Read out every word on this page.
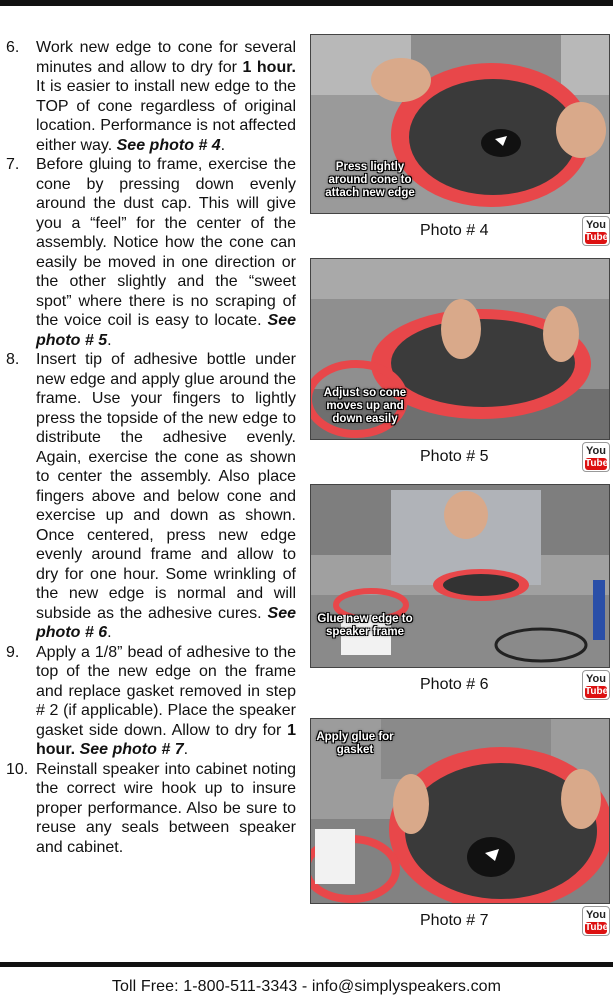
6. Work new edge to cone for several minutes and allow to dry for 1 hour. It is easier to install new edge to the TOP of cone regardless of original location. Performance is not affected either way. See photo # 4.
7. Before gluing to frame, exercise the cone by pressing down evenly around the dust cap. This will give you a “feel” for the center of the assembly. Notice how the cone can easily be moved in one direction or the other slightly and the “sweet spot” where there is no scraping of the voice coil is easy to locate. See photo # 5.
8. Insert tip of adhesive bottle under new edge and apply glue around the frame. Use your fingers to lightly press the topside of the new edge to distribute the adhesive evenly. Again, exercise the cone as shown to center the assembly. Also place fingers above and below cone and exercise up and down as shown. Once centered, press new edge evenly around frame and allow to dry for one hour. Some wrinkling of the new edge is normal and will subside as the adhesive cures. See photo # 6.
9. Apply a 1/8” bead of adhesive to the top of the new edge on the frame and replace gasket removed in step # 2 (if applicable). Place the speaker gasket side down. Allow to dry for 1 hour. See photo # 7.
10. Reinstall speaker into cabinet noting the correct wire hook up to insure proper performance. Also be sure to reuse any seals between speaker and cabinet.
Press lightly around cone to attach new edge
Photo # 4	You
Tube
Adjust so cone moves up and down easily
Photo # 5	You
Tube
Glue new edge to speaker frame
Photo # 6	You
Tube
Apply glue for gasket
Photo # 7	You
Tube
Toll Free: 1-800-511-3343 - info@simplyspeakers.com
